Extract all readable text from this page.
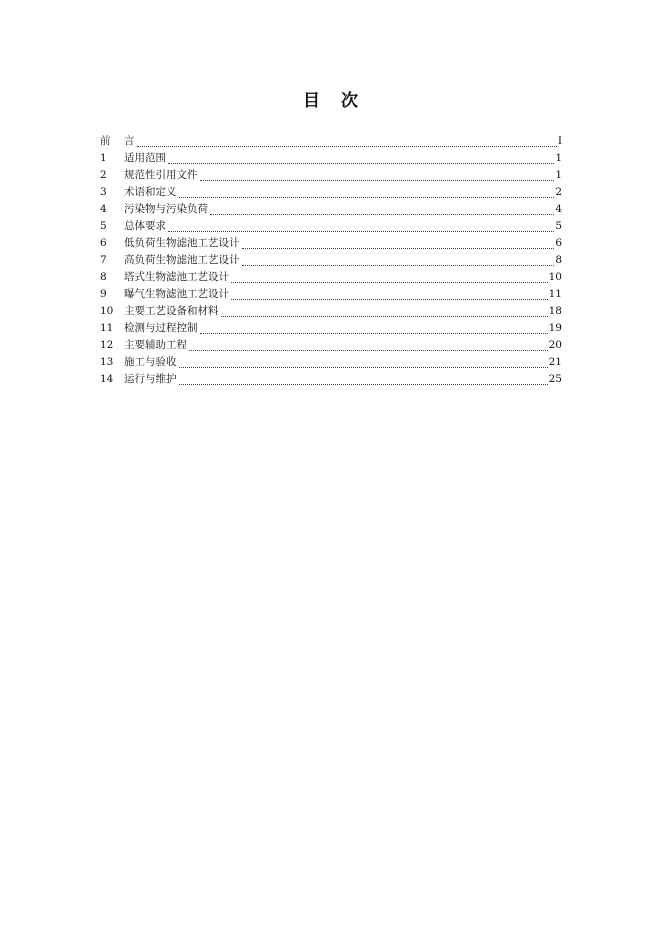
目 次
前	言	I
1	适用范围	1
2	规范性引用文件	1
3	术语和定义	2
4	污染物与污染负荷	4
5	总体要求	5
6	低负荷生物滤池工艺设计	6
7	高负荷生物滤池工艺设计	8
8	塔式生物滤池工艺设计	10
9	曝气生物滤池工艺设计	11
10	主要工艺设备和材料	18
11	检测与过程控制	19
12	主要辅助工程	20
13	施工与验收	21
14	运行与维护	25
